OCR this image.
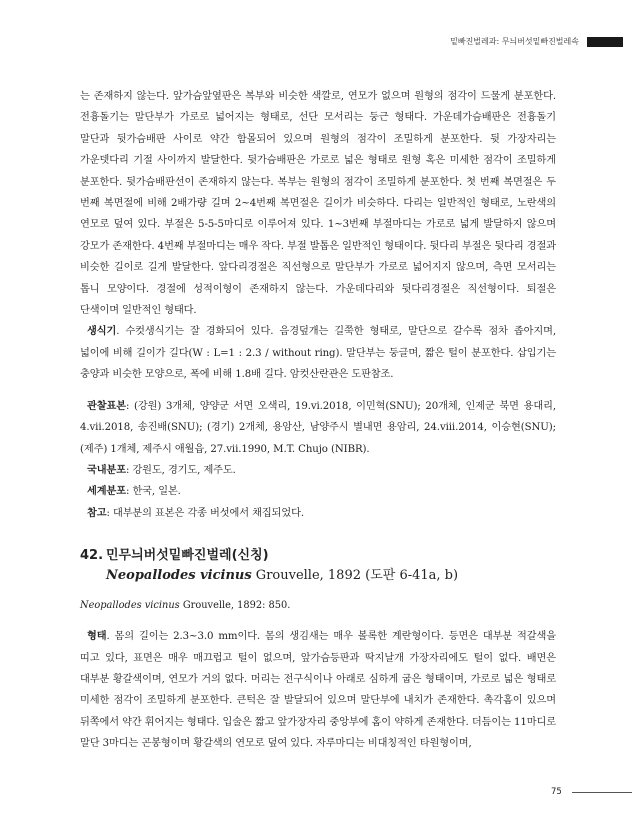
밑빠진벌레과: 무늬버섯밑빠진벌레속

는 존재하지 않는다. 앞가슴앞옆판은 복부와 비슷한 색깔로, 연모가 없으며 원형의 점각이 드물게 분포한다. 전흉돌기는 말단부가 가로로 넓어지는 형태로, 선단 모서리는 둥근 형태다. 가운데가슴배판은 전흉돌기 말단과 뒷가슴배판 사이로 약간 함몰되어 있으며 원형의 점각이 조밀하게 분포한다. 뒷 가장자리는 가운뎃다리 기절 사이까지 발달한다. 뒷가슴배판은 가로로 넓은 형태로 원형 혹은 미세한 점각이 조밀하게 분포한다. 뒷가슴배판선이 존재하지 않는다. 복부는 원형의 점각이 조밀하게 분포한다. 첫 번째 복면절은 두 번째 복면절에 비해 2배가량 길며 2~4번째 복면절은 길이가 비슷하다. 다리는 일반적인 형태로, 노란색의 연모로 덮여 있다. 부절은 5-5-5마디로 이루어져 있다. 1~3번째 부절마디는 가로로 넓게 발달하지 않으며 강모가 존재한다. 4번째 부절마디는 매우 작다. 부절 발톱은 일반적인 형태이다. 뒷다리 부절은 뒷다리 경절과 비슷한 길이로 길게 발달한다. 앞다리경절은 직선형으로 말단부가 가로로 넓어지지 않으며, 측면 모서리는 톱니 모양이다. 경절에 성적이형이 존재하지 않는다. 가운데다리와 뒷다리경절은 직선형이다. 퇴절은 단색이며 일반적인 형태다.

생식기. 수컷생식기는 잘 경화되어 있다. 음경덮개는 길쭉한 형태로, 말단으로 갈수록 점차 좁아지며, 넓이에 비해 길이가 길다(W : L=1 : 2.3 / without ring). 말단부는 둥글며, 짧은 털이 분포한다. 삽입기는 충양과 비슷한 모양으로, 폭에 비해 1.8배 길다. 암컷산란관은 도판참조.

관찰표본: (강원) 3개체, 양양군 서면 오색리, 19.vi.2018, 이민혁(SNU); 20개체, 인제군 북면 용대리, 4.vii.2018, 송진배(SNU); (경기) 2개체, 용암산, 남양주시 별내면 용암리, 24.viii.2014, 이승현(SNU); (제주) 1개체, 제주시 애월읍, 27.vii.1990, M.T. Chujo (NIBR).

국내분포: 강원도, 경기도, 제주도.

세계분포: 한국, 일본.

참고: 대부분의 표본은 각종 버섯에서 채집되었다.

42. 민무늬버섯밑빠진벌레(신칭)

Neopallodes vicinus Grouvelle, 1892 (도판 6-41a, b)

Neopallodes vicinus Grouvelle, 1892: 850.

형태. 몸의 길이는 2.3~3.0 mm이다. 몸의 생김새는 매우 볼록한 계란형이다. 등면은 대부분 적갈색을 띠고 있다, 표면은 매우 매끄럽고 털이 없으며, 앞가슴등판과 딱지날개 가장자리에도 털이 없다. 배면은 대부분 황갈색이며, 연모가 거의 없다. 머리는 전구식이나 아래로 심하게 굽은 형태이며, 가로로 넓은 형태로 미세한 점각이 조밀하게 분포한다. 큰턱은 잘 발달되어 있으며 말단부에 내치가 존재한다. 촉각홈이 있으며 뒤쪽에서 약간 휘어지는 형태다. 입술은 짧고 앞가장자리 중앙부에 홈이 약하게 존재한다. 더듬이는 11마디로 말단 3마디는 곤봉형이며 황갈색의 연모로 덮여 있다. 자루마디는 비대칭적인 타원형이며,

75
